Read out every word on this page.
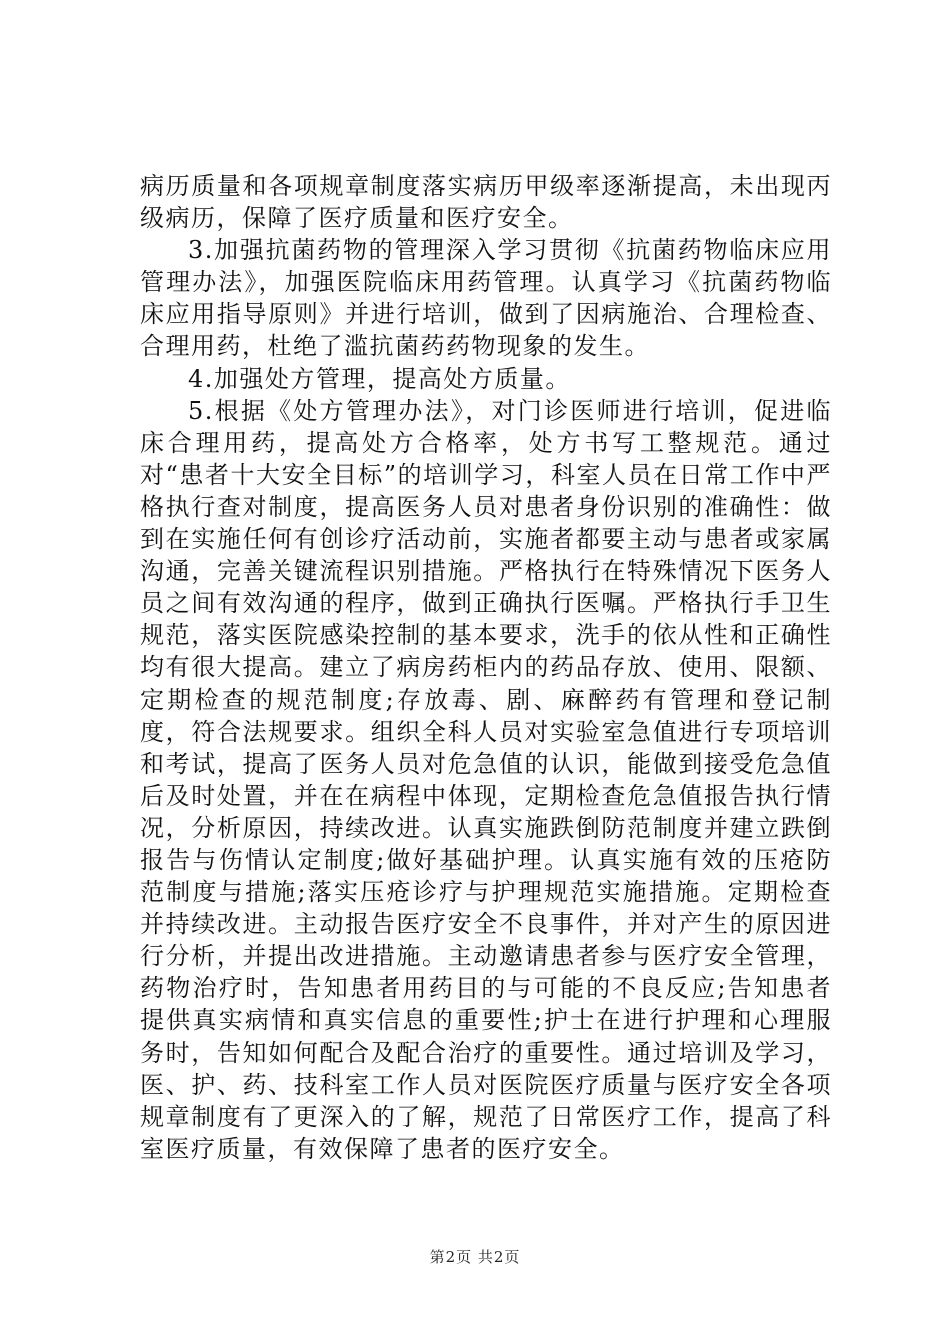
病历质量和各项规章制度落实病历甲级率逐渐提高，未出现丙级病历，保障了医疗质量和医疗安全。

3.加强抗菌药物的管理深入学习贯彻《抗菌药物临床应用管理办法》，加强医院临床用药管理。认真学习《抗菌药物临床应用指导原则》并进行培训，做到了因病施治、合理检查、合理用药，杜绝了滥抗菌药药物现象的发生。

4.加强处方管理，提高处方质量。

5.根据《处方管理办法》，对门诊医师进行培训，促进临床合理用药，提高处方合格率，处方书写工整规范。通过对“患者十大安全目标”的培训学习，科室人员在日常工作中严格执行查对制度，提高医务人员对患者身份识别的准确性：做到在实施任何有创诊疗活动前，实施者都要主动与患者或家属沟通，完善关键流程识别措施。严格执行在特殊情况下医务人员之间有效沟通的程序，做到正确执行医嘱。严格执行手卫生规范，落实医院感染控制的基本要求，洗手的依从性和正确性均有很大提高。建立了病房药柜内的药品存放、使用、限额、定期检查的规范制度;存放毒、剧、麻醉药有管理和登记制度，符合法规要求。组织全科人员对实验室急值进行专项培训和考试，提高了医务人员对危急值的认识，能做到接受危急值后及时处置，并在在病程中体现，定期检查危急值报告执行情况，分析原因，持续改进。认真实施跌倒防范制度并建立跌倒报告与伤情认定制度;做好基础护理。认真实施有效的压疮防范制度与措施;落实压疮诊疗与护理规范实施措施。定期检查并持续改进。主动报告医疗安全不良事件，并对产生的原因进行分析，并提出改进措施。主动邀请患者参与医疗安全管理，药物治疗时，告知患者用药目的与可能的不良反应;告知患者提供真实病情和真实信息的重要性;护士在进行护理和心理服务时，告知如何配合及配合治疗的重要性。通过培训及学习，医、护、药、技科室工作人员对医院医疗质量与医疗安全各项规章制度有了更深入的了解，规范了日常医疗工作，提高了科室医疗质量，有效保障了患者的医疗安全。

第2页 共2页
